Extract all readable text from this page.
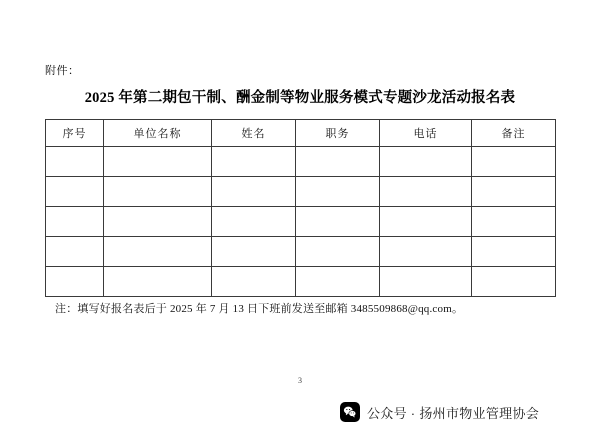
附件：
2025 年第二期包干制、酬金制等物业服务模式专题沙龙活动报名表
序号	单位名称	姓名	职务	电话	备注

注：填写好报名表后于 2025 年 7 月 13 日下班前发送至邮箱 3485509868@qq.com。
3
公众号 · 扬州市物业管理协会
